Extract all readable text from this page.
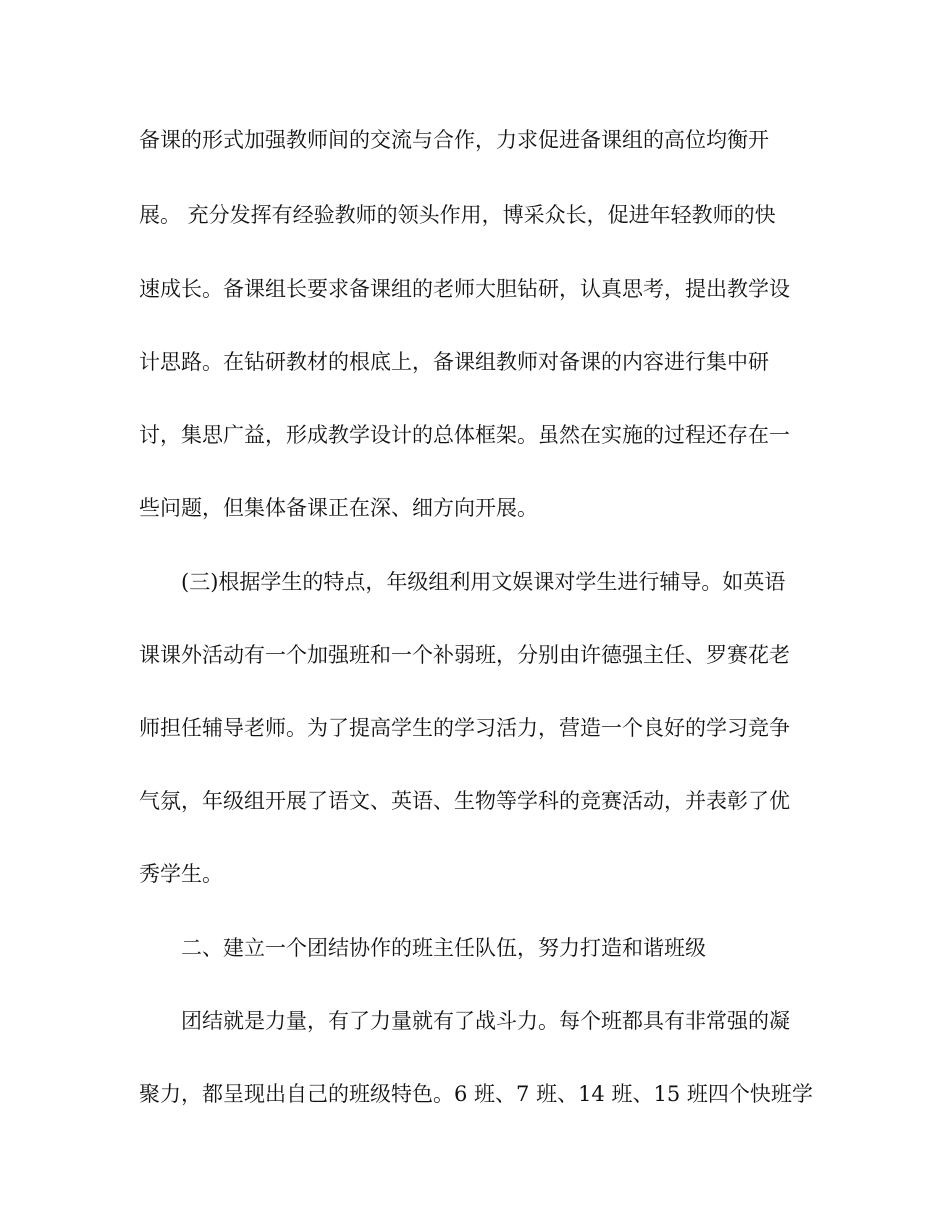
备课的形式加强教师间的交流与合作，力求促进备课组的高位均衡开
展。 充分发挥有经验教师的领头作用，博采众长，促进年轻教师的快
速成长。备课组长要求备课组的老师大胆钻研，认真思考，提出教学设
计思路。在钻研教材的根底上，备课组教师对备课的内容进行集中研
讨，集思广益，形成教学设计的总体框架。虽然在实施的过程还存在一
些问题，但集体备课正在深、细方向开展。
(三)根据学生的特点，年级组利用文娱课对学生进行辅导。如英语
课课外活动有一个加强班和一个补弱班，分别由许德强主任、罗赛花老
师担任辅导老师。为了提高学生的学习活力，营造一个良好的学习竞争
气氛，年级组开展了语文、英语、生物等学科的竞赛活动，并表彰了优
秀学生。
二、建立一个团结协作的班主任队伍，努力打造和谐班级
团结就是力量，有了力量就有了战斗力。每个班都具有非常强的凝
聚力，都呈现出自己的班级特色。6 班、7 班、14 班、15 班四个快班学
